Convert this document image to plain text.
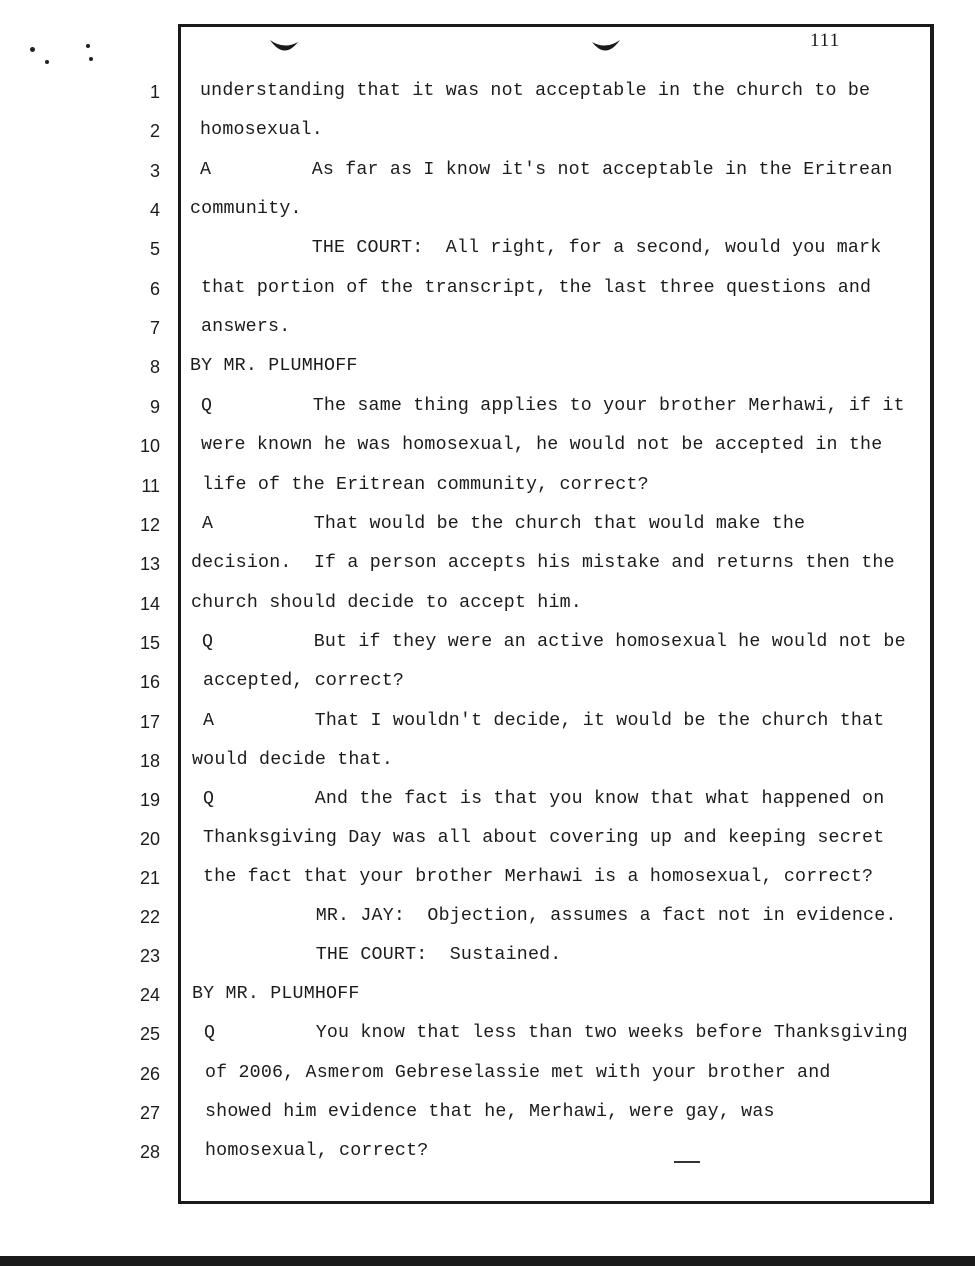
111
1
2
3
4
5
6
7
8
9
10
11
12
13
14
15
16
17
18
19
20
21
22
23
24
25
26
27
28
understanding that it was not acceptable in the church to be
homosexual.
A         As far as I know it's not acceptable in the Eritrean
community.
THE COURT:  All right, for a second, would you mark
that portion of the transcript, the last three questions and
answers.
BY MR. PLUMHOFF
Q         The same thing applies to your brother Merhawi, if it
were known he was homosexual, he would not be accepted in the
life of the Eritrean community, correct?
A         That would be the church that would make the
decision.  If a person accepts his mistake and returns then the
church should decide to accept him.
Q         But if they were an active homosexual he would not be
accepted, correct?
A         That I wouldn't decide, it would be the church that
would decide that.
Q         And the fact is that you know that what happened on
Thanksgiving Day was all about covering up and keeping secret
the fact that your brother Merhawi is a homosexual, correct?
MR. JAY:  Objection, assumes a fact not in evidence.
THE COURT:  Sustained.
BY MR. PLUMHOFF
Q         You know that less than two weeks before Thanksgiving
of 2006, Asmerom Gebreselassie met with your brother and
showed him evidence that he, Merhawi, were gay, was
homosexual, correct?
